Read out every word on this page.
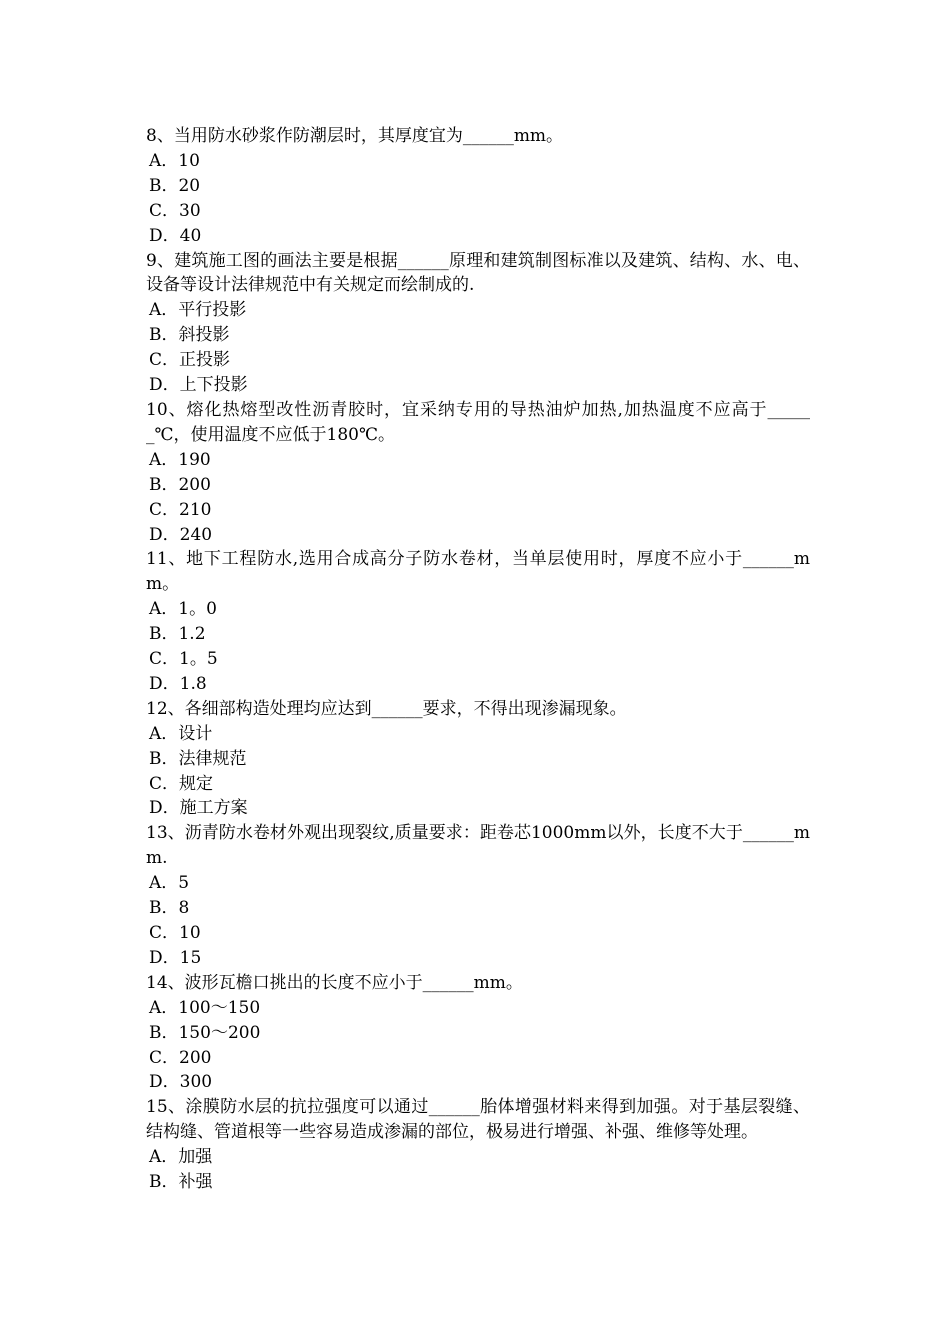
8、当用防水砂浆作防潮层时，其厚度宜为______mm。

A．10
B．20
C．30
D．40

9、建筑施工图的画法主要是根据______原理和建筑制图标准以及建筑、结构、水、电、设备等设计法律规范中有关规定而绘制成的.

A．平行投影
B．斜投影
C．正投影
D．上下投影

10、熔化热熔型改性沥青胶时，宜采纳专用的导热油炉加热,加热温度不应高于______℃，使用温度不应低于180℃。

A．190
B．200
C．210
D．240

11、地下工程防水,选用合成高分子防水卷材，当单层使用时，厚度不应小于______mm。

A．1。0
B．1.2
C．1。5
D．1.8

12、各细部构造处理均应达到______要求，不得出现渗漏现象。

A．设计
B．法律规范
C．规定
D．施工方案

13、沥青防水卷材外观出现裂纹,质量要求：距卷芯1000mm以外，长度不大于______mm.

A．5
B．8
C．10
D．15

14、波形瓦檐口挑出的长度不应小于______mm。

A．100～150
B．150～200
C．200
D．300

15、涂膜防水层的抗拉强度可以通过______胎体增强材料来得到加强。对于基层裂缝、结构缝、管道根等一些容易造成渗漏的部位，极易进行增强、补强、维修等处理。

A．加强
B．补强
